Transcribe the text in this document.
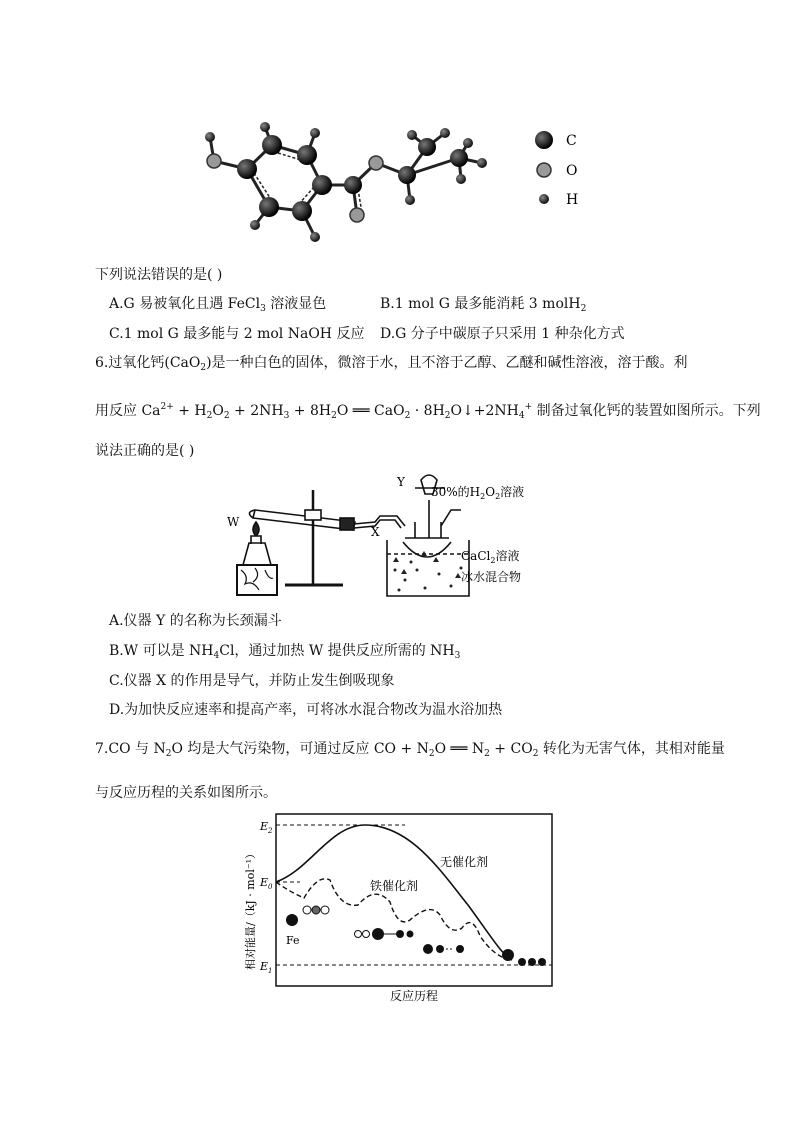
C
O
H
下列说法错误的是( )
A.G 易被氧化且遇 FeCl$_3$ 溶液显色	B.1 mol G 最多能消耗 3 molH$_2$
C.1 mol G 最多能与 2 mol NaOH 反应 D.G 分子中碳原子只采用 1 种杂化方式
6.过氧化钙(CaO$_2$)是一种白色的固体，微溶于水，且不溶于乙醇、乙醚和碱性溶液，溶于酸。利
用反应 $Ca^{2+} + H_2O_2 + 2NH_3 + 8H_2O$ ══ $CaO_2 \cdot 8H_2O↓+2NH_4^+$ 制备过氧化钙的装置如图所示。下列
说法正确的是( )
Y
W
X
30%的$H_2O_2$溶液
CaCl$_2$溶液
冰水混合物
A.仪器 Y 的名称为长颈漏斗
B.W 可以是 $NH_4Cl$，通过加热 W 提供反应所需的 $NH_3$
C.仪器 X 的作用是导气，并防止发生倒吸现象
D.为加快反应速率和提高产率，可将冰水混合物改为温水浴加热
7.CO 与 $N_2O$ 均是大气污染物，可通过反应 CO + $N_2O$ ══ $N_2 + CO_2$ 转化为无害气体，其相对能量
与反应历程的关系如图所示。
$E_2$
$E_0$
$E_1$
无催化剂
铁催化剂
Fe
相对能量/（kJ · mol⁻¹）
反应历程
